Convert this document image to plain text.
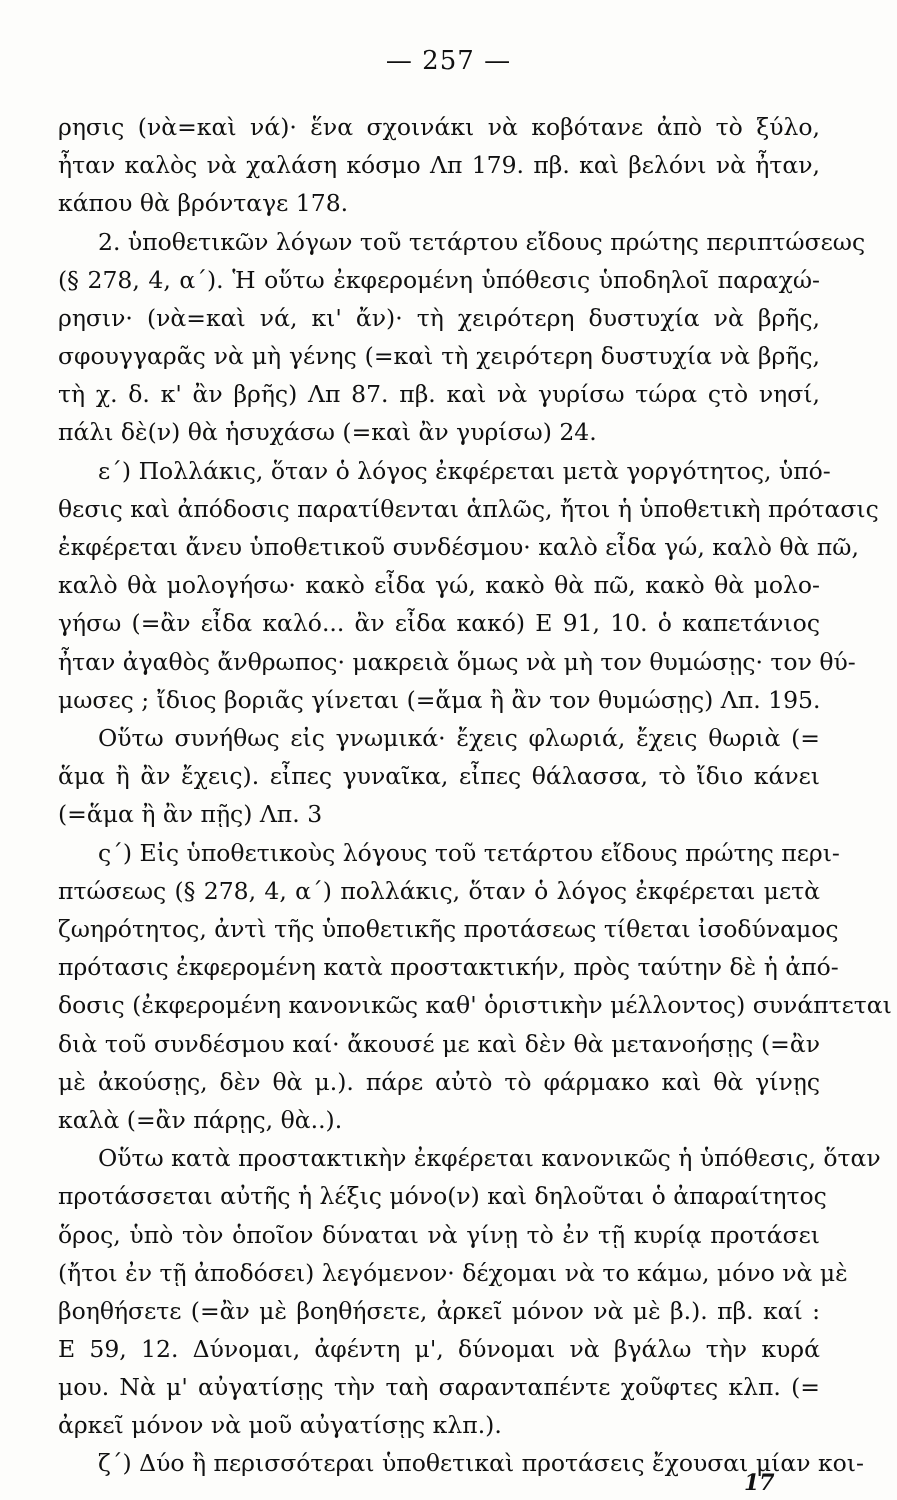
— 257 —
ρησις (νὰ=καὶ νά)· ἕνα σχοινάκι νὰ κοβότανε ἀπὸ τὸ ξύλο,
ἦταν καλὸς νὰ χαλάση κόσμο Λπ 179. πβ. καὶ βελόνι νὰ ἦταν,
κάπου θὰ βρόνταγε 178.
2. ὑποθετικῶν λόγων τοῦ τετάρτου εἴδους πρώτης περιπτώσεως
(§ 278, 4, α΄). Ἡ οὕτω ἐκφερομένη ὑπόθεσις ὑποδηλοῖ παραχώ-
ρησιν· (νὰ=καὶ νά, κι' ἄν)· τὴ χειρότερη δυστυχία νὰ βρῆς,
σφουγγαρᾶς νὰ μὴ γένης (=καὶ τὴ χειρότερη δυστυχία νὰ βρῆς,
τὴ χ. δ. κ' ἂν βρῆς) Λπ 87. πβ. καὶ νὰ γυρίσω τώρα ςτὸ νησί,
πάλι δὲ(ν) θὰ ἡσυχάσω (=καὶ ἂν γυρίσω) 24.
ε΄) Πολλάκις, ὅταν ὁ λόγος ἐκφέρεται μετὰ γοργότητος, ὑπό-
θεσις καὶ ἀπόδοσις παρατίθενται ἁπλῶς, ἤτοι ἡ ὑποθετικὴ πρότασις
ἐκφέρεται ἄνευ ὑποθετικοῦ συνδέσμου· καλὸ εἶδα γώ, καλὸ θὰ πῶ,
καλὸ θὰ μολογήσω· κακὸ εἶδα γώ, κακὸ θὰ πῶ, κακὸ θὰ μολο-
γήσω (=ἂν εἶδα καλό... ἂν εἶδα κακό) Ε 91, 10. ὁ καπετάνιος
ἦταν ἀγαθὸς ἄνθρωπος· μακρειὰ ὅμως νὰ μὴ τον θυμώσῃς· τον θύ-
μωσες ; ἴδιος βοριᾶς γίνεται (=ἅμα ἢ ἂν τον θυμώσῃς) Λπ. 195.
Οὕτω συνήθως εἰς γνωμικά· ἔχεις φλωριά, ἔχεις θωριὰ (=
ἅμα ἢ ἂν ἔχεις). εἶπες γυναῖκα, εἶπες θάλασσα, τὸ ἴδιο κάνει
(=ἅμα ἢ ἂν πῇς) Λπ. 3
ς΄) Εἰς ὑποθετικοὺς λόγους τοῦ τετάρτου εἴδους πρώτης περι-
πτώσεως (§ 278, 4, α΄) πολλάκις, ὅταν ὁ λόγος ἐκφέρεται μετὰ
ζωηρότητος, ἀντὶ τῆς ὑποθετικῆς προτάσεως τίθεται ἰσοδύναμος
πρότασις ἐκφερομένη κατὰ προστακτικήν, πρὸς ταύτην δὲ ἡ ἀπό-
δοσις (ἐκφερομένη κανονικῶς καθ' ὁριστικὴν μέλλοντος) συνάπτεται
διὰ τοῦ συνδέσμου καί· ἄκουσέ με καὶ δὲν θὰ μετανοήσῃς (=ἂν
μὲ ἀκούσῃς, δὲν θὰ μ.). πάρε αὐτὸ τὸ φάρμακο καὶ θὰ γίνῃς
καλὰ (=ἂν πάρῃς, θὰ..).
Οὕτω κατὰ προστακτικὴν ἐκφέρεται κανονικῶς ἡ ὑπόθεσις, ὅταν
προτάσσεται αὐτῆς ἡ λέξις μόνο(ν) καὶ δηλοῦται ὁ ἀπαραίτητος
ὅρος, ὑπὸ τὸν ὁποῖον δύναται νὰ γίνῃ τὸ ἐν τῇ κυρίᾳ προτάσει
(ἤτοι ἐν τῇ ἀποδόσει) λεγόμενον· δέχομαι νὰ το κάμω, μόνο νὰ μὲ
βοηθήσετε (=ἂν μὲ βοηθήσετε, ἀρκεῖ μόνον νὰ μὲ β.). πβ. καί :
Ε 59, 12. Δύνομαι, ἀφέντη μ', δύνομαι νὰ βγάλω τὴν κυρά
μου. Νὰ μ' αὐγατίσῃς τὴν ταὴ σαρανταπέντε χοῦφτες κλπ. (=
ἀρκεῖ μόνον νὰ μοῦ αὐγατίσῃς κλπ.).
ζ΄) Δύο ἢ περισσότεραι ὑποθετικαὶ προτάσεις ἔχουσαι μίαν κοι-
17
